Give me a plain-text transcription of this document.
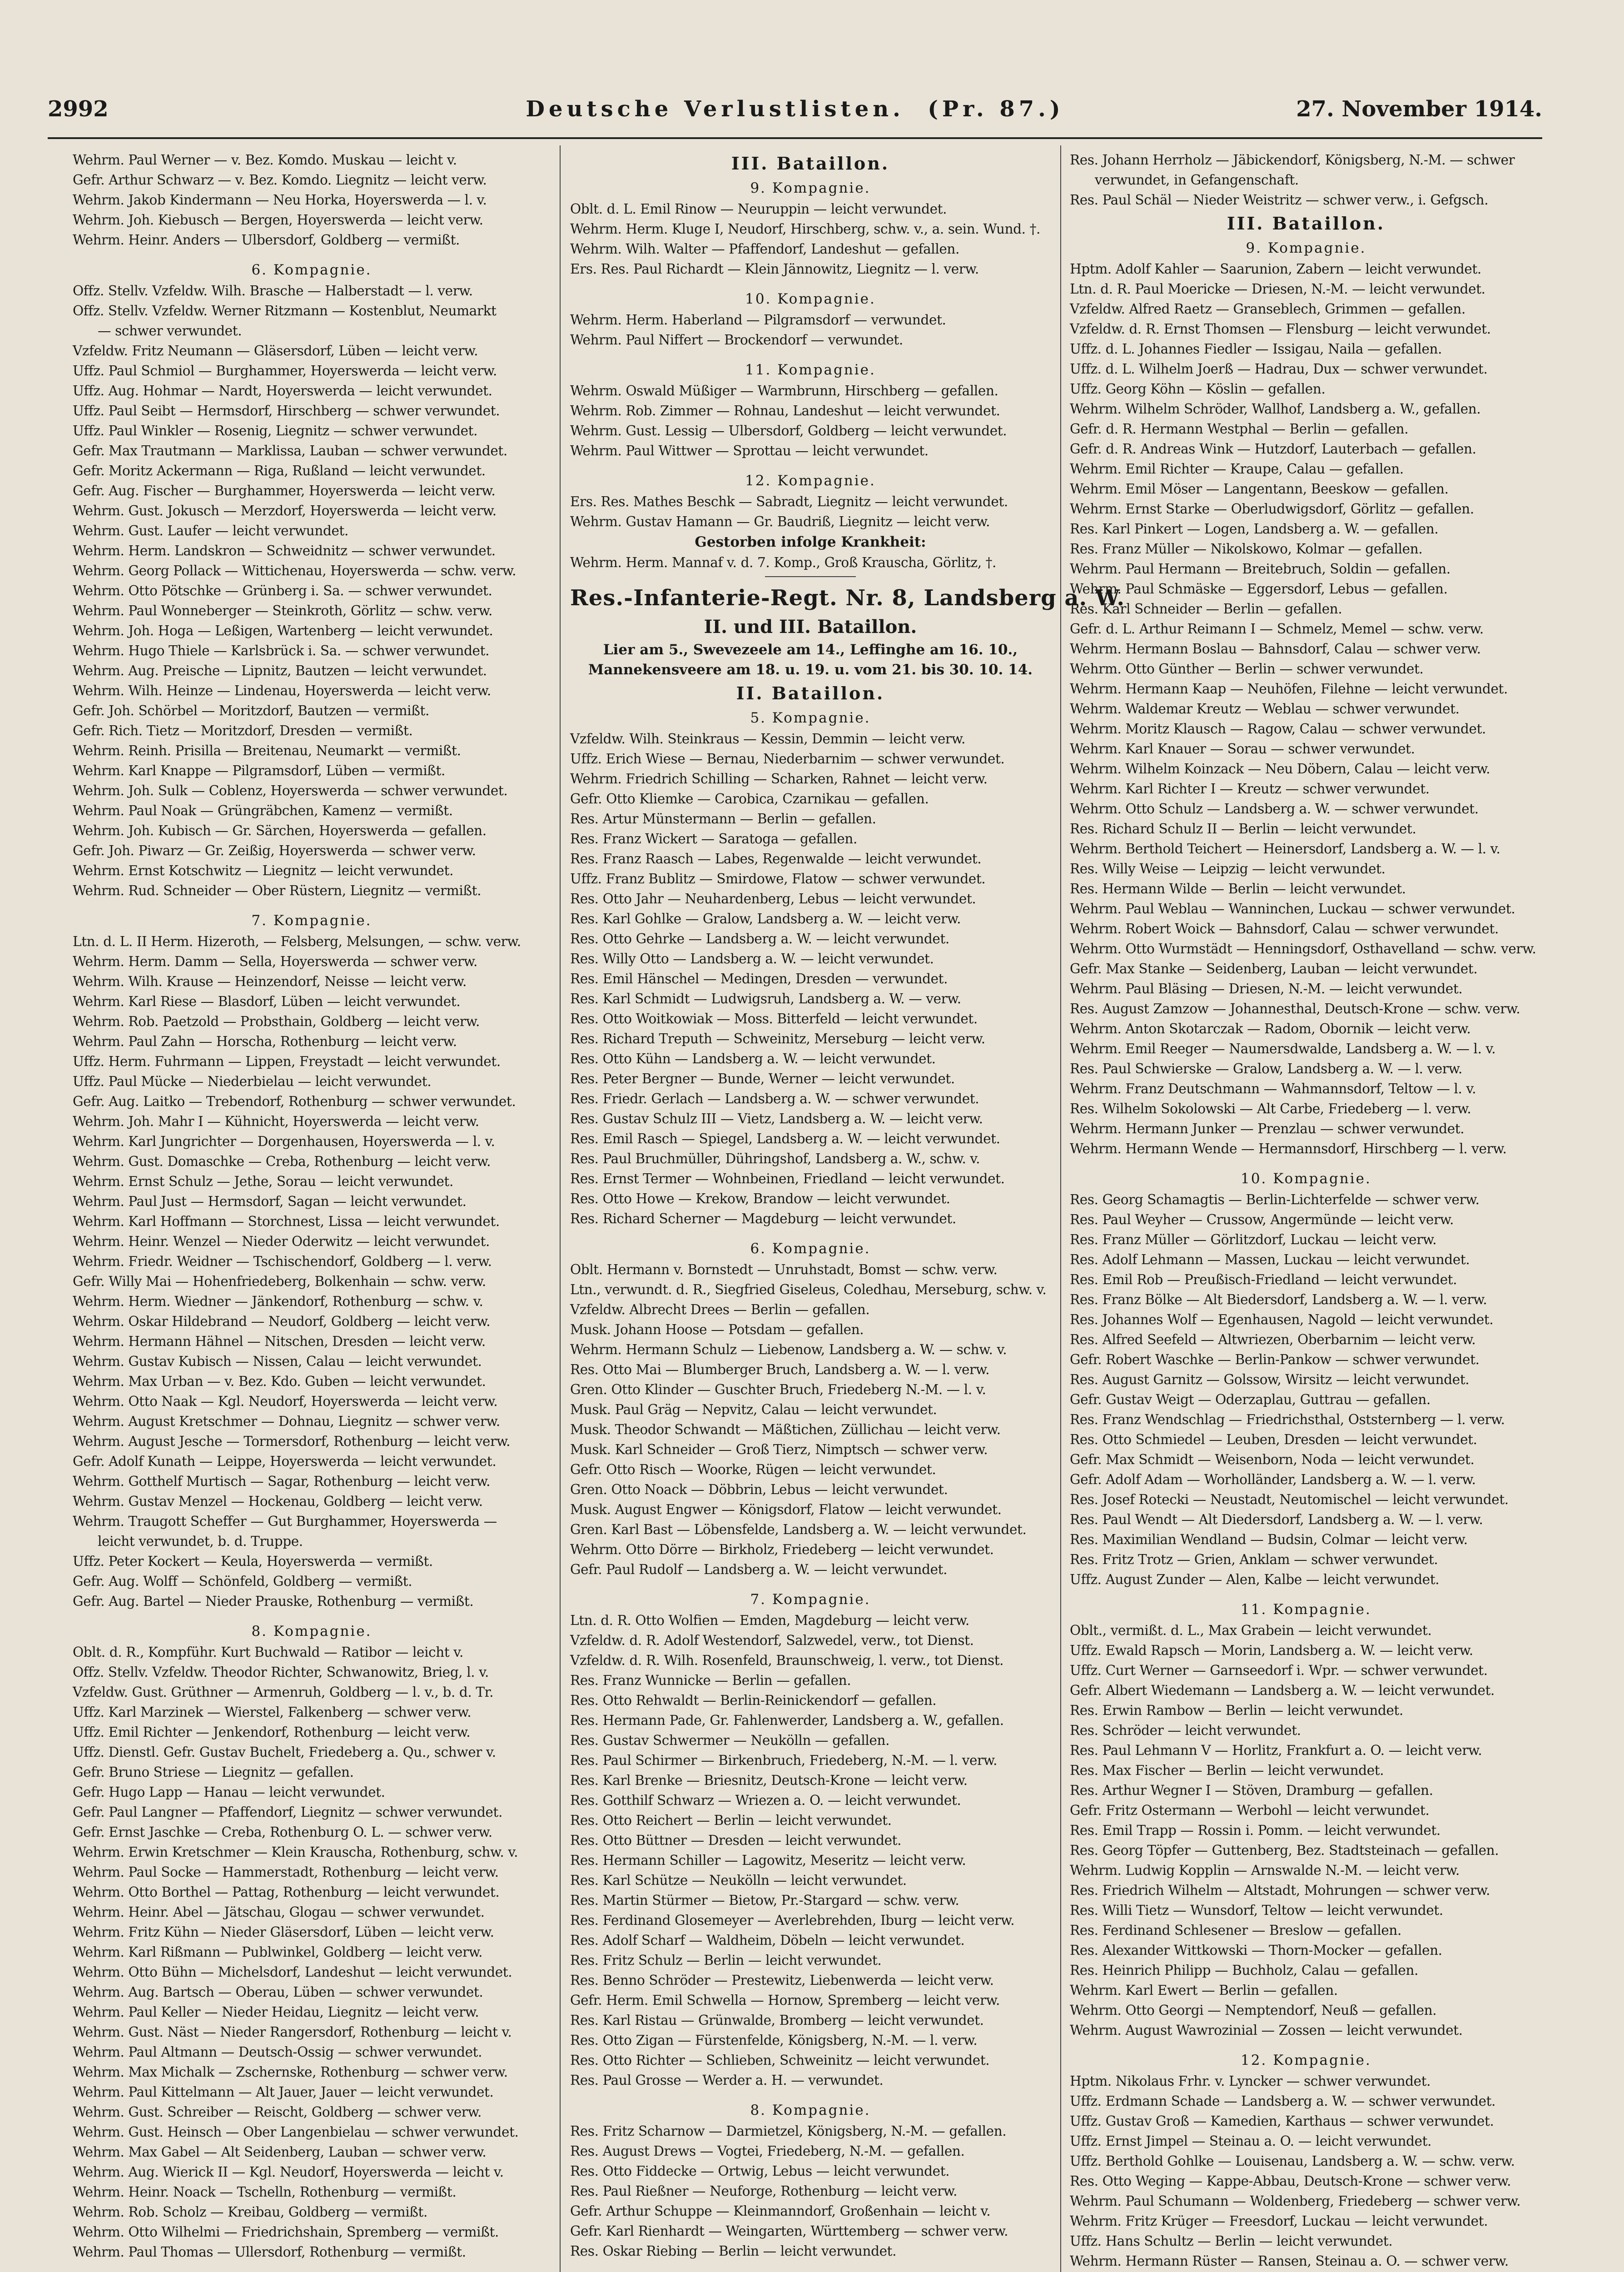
2992	Deutsche Verlustlisten. (Pr. 87.)	27. November 1914.
Wehrm. Paul Werner — v. Bez. Komdo. Muskau — leicht v.
Gefr. Arthur Schwarz — v. Bez. Komdo. Liegnitz — leicht verw.
Wehrm. Jakob Kindermann — Neu Horka, Hoyerswerda — l. v.
Wehrm. Joh. Kiebusch — Bergen, Hoyerswerda — leicht verw.
Wehrm. Heinr. Anders — Ulbersdorf, Goldberg — vermißt.
6. Kompagnie.
Offz. Stellv. Vzfeldw. Wilh. Brasche — Halberstadt — l. verw.
Offz. Stellv. Vzfeldw. Werner Ritzmann — Kostenblut, Neumarkt
— schwer verwundet.
Vzfeldw. Fritz Neumann — Gläsersdorf, Lüben — leicht verw.
Uffz. Paul Schmiol — Burghammer, Hoyerswerda — leicht verw.
Uffz. Aug. Hohmar — Nardt, Hoyerswerda — leicht verwundet.
Uffz. Paul Seibt — Hermsdorf, Hirschberg — schwer verwundet.
Uffz. Paul Winkler — Rosenig, Liegnitz — schwer verwundet.
Gefr. Max Trautmann — Marklissa, Lauban — schwer verwundet.
Gefr. Moritz Ackermann — Riga, Rußland — leicht verwundet.
Gefr. Aug. Fischer — Burghammer, Hoyerswerda — leicht verw.
Wehrm. Gust. Jokusch — Merzdorf, Hoyerswerda — leicht verw.
Wehrm. Gust. Laufer — leicht verwundet.
Wehrm. Herm. Landskron — Schweidnitz — schwer verwundet.
Wehrm. Georg Pollack — Wittichenau, Hoyerswerda — schw. verw.
Wehrm. Otto Pötschke — Grünberg i. Sa. — schwer verwundet.
Wehrm. Paul Wonneberger — Steinkroth, Görlitz — schw. verw.
Wehrm. Joh. Hoga — Leßigen, Wartenberg — leicht verwundet.
Wehrm. Hugo Thiele — Karlsbrück i. Sa. — schwer verwundet.
Wehrm. Aug. Preische — Lipnitz, Bautzen — leicht verwundet.
Wehrm. Wilh. Heinze — Lindenau, Hoyerswerda — leicht verw.
Gefr. Joh. Schörbel — Moritzdorf, Bautzen — vermißt.
Gefr. Rich. Tietz — Moritzdorf, Dresden — vermißt.
Wehrm. Reinh. Prisilla — Breitenau, Neumarkt — vermißt.
Wehrm. Karl Knappe — Pilgramsdorf, Lüben — vermißt.
Wehrm. Joh. Sulk — Coblenz, Hoyerswerda — schwer verwundet.
Wehrm. Paul Noak — Grüngräbchen, Kamenz — vermißt.
Wehrm. Joh. Kubisch — Gr. Särchen, Hoyerswerda — gefallen.
Gefr. Joh. Piwarz — Gr. Zeißig, Hoyerswerda — schwer verw.
Wehrm. Ernst Kotschwitz — Liegnitz — leicht verwundet.
Wehrm. Rud. Schneider — Ober Rüstern, Liegnitz — vermißt.
7. Kompagnie.
Ltn. d. L. II Herm. Hizeroth, — Felsberg, Melsungen, — schw. verw.
Wehrm. Herm. Damm — Sella, Hoyerswerda — schwer verw.
Wehrm. Wilh. Krause — Heinzendorf, Neisse — leicht verw.
Wehrm. Karl Riese — Blasdorf, Lüben — leicht verwundet.
Wehrm. Rob. Paetzold — Probsthain, Goldberg — leicht verw.
Wehrm. Paul Zahn — Horscha, Rothenburg — leicht verw.
Uffz. Herm. Fuhrmann — Lippen, Freystadt — leicht verwundet.
Uffz. Paul Mücke — Niederbielau — leicht verwundet.
Gefr. Aug. Laitko — Trebendorf, Rothenburg — schwer verwundet.
Wehrm. Joh. Mahr I — Kühnicht, Hoyerswerda — leicht verw.
Wehrm. Karl Jungrichter — Dorgenhausen, Hoyerswerda — l. v.
Wehrm. Gust. Domaschke — Creba, Rothenburg — leicht verw.
Wehrm. Ernst Schulz — Jethe, Sorau — leicht verwundet.
Wehrm. Paul Just — Hermsdorf, Sagan — leicht verwundet.
Wehrm. Karl Hoffmann — Storchnest, Lissa — leicht verwundet.
Wehrm. Heinr. Wenzel — Nieder Oderwitz — leicht verwundet.
Wehrm. Friedr. Weidner — Tschischendorf, Goldberg — l. verw.
Gefr. Willy Mai — Hohenfriedeberg, Bolkenhain — schw. verw.
Wehrm. Herm. Wiedner — Jänkendorf, Rothenburg — schw. v.
Wehrm. Oskar Hildebrand — Neudorf, Goldberg — leicht verw.
Wehrm. Hermann Hähnel — Nitschen, Dresden — leicht verw.
Wehrm. Gustav Kubisch — Nissen, Calau — leicht verwundet.
Wehrm. Max Urban — v. Bez. Kdo. Guben — leicht verwundet.
Wehrm. Otto Naak — Kgl. Neudorf, Hoyerswerda — leicht verw.
Wehrm. August Kretschmer — Dohnau, Liegnitz — schwer verw.
Wehrm. August Jesche — Tormersdorf, Rothenburg — leicht verw.
Gefr. Adolf Kunath — Leippe, Hoyerswerda — leicht verwundet.
Wehrm. Gotthelf Murtisch — Sagar, Rothenburg — leicht verw.
Wehrm. Gustav Menzel — Hockenau, Goldberg — leicht verw.
Wehrm. Traugott Scheffer — Gut Burghammer, Hoyerswerda —
leicht verwundet, b. d. Truppe.
Uffz. Peter Kockert — Keula, Hoyerswerda — vermißt.
Gefr. Aug. Wolff — Schönfeld, Goldberg — vermißt.
Gefr. Aug. Bartel — Nieder Prauske, Rothenburg — vermißt.
8. Kompagnie.
Oblt. d. R., Kompführ. Kurt Buchwald — Ratibor — leicht v.
Offz. Stellv. Vzfeldw. Theodor Richter, Schwanowitz, Brieg, l. v.
Vzfeldw. Gust. Grüthner — Armenruh, Goldberg — l. v., b. d. Tr.
Uffz. Karl Marzinek — Wierstel, Falkenberg — schwer verw.
Uffz. Emil Richter — Jenkendorf, Rothenburg — leicht verw.
Uffz. Dienstl. Gefr. Gustav Buchelt, Friedeberg a. Qu., schwer v.
Gefr. Bruno Striese — Liegnitz — gefallen.
Gefr. Hugo Lapp — Hanau — leicht verwundet.
Gefr. Paul Langner — Pfaffendorf, Liegnitz — schwer verwundet.
Gefr. Ernst Jaschke — Creba, Rothenburg O. L. — schwer verw.
Wehrm. Erwin Kretschmer — Klein Krauscha, Rothenburg, schw. v.
Wehrm. Paul Socke — Hammerstadt, Rothenburg — leicht verw.
Wehrm. Otto Borthel — Pattag, Rothenburg — leicht verwundet.
Wehrm. Heinr. Abel — Jätschau, Glogau — schwer verwundet.
Wehrm. Fritz Kühn — Nieder Gläsersdorf, Lüben — leicht verw.
Wehrm. Karl Rißmann — Publwinkel, Goldberg — leicht verw.
Wehrm. Otto Bühn — Michelsdorf, Landeshut — leicht verwundet.
Wehrm. Aug. Bartsch — Oberau, Lüben — schwer verwundet.
Wehrm. Paul Keller — Nieder Heidau, Liegnitz — leicht verw.
Wehrm. Gust. Näst — Nieder Rangersdorf, Rothenburg — leicht v.
Wehrm. Paul Altmann — Deutsch-Ossig — schwer verwundet.
Wehrm. Max Michalk — Zschernske, Rothenburg — schwer verw.
Wehrm. Paul Kittelmann — Alt Jauer, Jauer — leicht verwundet.
Wehrm. Gust. Schreiber — Reischt, Goldberg — schwer verw.
Wehrm. Gust. Heinsch — Ober Langenbielau — schwer verwundet.
Wehrm. Max Gabel — Alt Seidenberg, Lauban — schwer verw.
Wehrm. Aug. Wierick II — Kgl. Neudorf, Hoyerswerda — leicht v.
Wehrm. Heinr. Noack — Tschelln, Rothenburg — vermißt.
Wehrm. Rob. Scholz — Kreibau, Goldberg — vermißt.
Wehrm. Otto Wilhelmi — Friedrichshain, Spremberg — vermißt.
Wehrm. Paul Thomas — Ullersdorf, Rothenburg — vermißt.
III. Bataillon.
9. Kompagnie.
Oblt. d. L. Emil Rinow — Neuruppin — leicht verwundet.
Wehrm. Herm. Kluge I, Neudorf, Hirschberg, schw. v., a. sein. Wund. †.
Wehrm. Wilh. Walter — Pfaffendorf, Landeshut — gefallen.
Ers. Res. Paul Richardt — Klein Jännowitz, Liegnitz — l. verw.
10. Kompagnie.
Wehrm. Herm. Haberland — Pilgramsdorf — verwundet.
Wehrm. Paul Niffert — Brockendorf — verwundet.
11. Kompagnie.
Wehrm. Oswald Müßiger — Warmbrunn, Hirschberg — gefallen.
Wehrm. Rob. Zimmer — Rohnau, Landeshut — leicht verwundet.
Wehrm. Gust. Lessig — Ulbersdorf, Goldberg — leicht verwundet.
Wehrm. Paul Wittwer — Sprottau — leicht verwundet.
12. Kompagnie.
Ers. Res. Mathes Beschk — Sabradt, Liegnitz — leicht verwundet.
Wehrm. Gustav Hamann — Gr. Baudriß, Liegnitz — leicht verw.
Gestorben infolge Krankheit:
Wehrm. Herm. Mannaf v. d. 7. Komp., Groß Krauscha, Görlitz, †.
Res.-Infanterie-Regt. Nr. 8, Landsberg a. W.
II. und III. Bataillon.
Lier am 5., Swevezeele am 14., Leffinghe am 16. 10.,
Mannekensveere am 18. u. 19. u. vom 21. bis 30. 10. 14.
II. Bataillon.
5. Kompagnie.
Vzfeldw. Wilh. Steinkraus — Kessin, Demmin — leicht verw.
Uffz. Erich Wiese — Bernau, Niederbarnim — schwer verwundet.
Wehrm. Friedrich Schilling — Scharken, Rahnet — leicht verw.
Gefr. Otto Kliemke — Carobica, Czarnikau — gefallen.
Res. Artur Münstermann — Berlin — gefallen.
Res. Franz Wickert — Saratoga — gefallen.
Res. Franz Raasch — Labes, Regenwalde — leicht verwundet.
Uffz. Franz Bublitz — Smirdowe, Flatow — schwer verwundet.
Res. Otto Jahr — Neuhardenberg, Lebus — leicht verwundet.
Res. Karl Gohlke — Gralow, Landsberg a. W. — leicht verw.
Res. Otto Gehrke — Landsberg a. W. — leicht verwundet.
Res. Willy Otto — Landsberg a. W. — leicht verwundet.
Res. Emil Hänschel — Medingen, Dresden — verwundet.
Res. Karl Schmidt — Ludwigsruh, Landsberg a. W. — verw.
Res. Otto Woitkowiak — Moss. Bitterfeld — leicht verwundet.
Res. Richard Treputh — Schweinitz, Merseburg — leicht verw.
Res. Otto Kühn — Landsberg a. W. — leicht verwundet.
Res. Peter Bergner — Bunde, Werner — leicht verwundet.
Res. Friedr. Gerlach — Landsberg a. W. — schwer verwundet.
Res. Gustav Schulz III — Vietz, Landsberg a. W. — leicht verw.
Res. Emil Rasch — Spiegel, Landsberg a. W. — leicht verwundet.
Res. Paul Bruchmüller, Dühringshof, Landsberg a. W., schw. v.
Res. Ernst Termer — Wohnbeinen, Friedland — leicht verwundet.
Res. Otto Howe — Krekow, Brandow — leicht verwundet.
Res. Richard Scherner — Magdeburg — leicht verwundet.
6. Kompagnie.
Oblt. Hermann v. Bornstedt — Unruhstadt, Bomst — schw. verw.
Ltn., verwundt. d. R., Siegfried Giseleus, Coledhau, Merseburg, schw. v.
Vzfeldw. Albrecht Drees — Berlin — gefallen.
Musk. Johann Hoose — Potsdam — gefallen.
Wehrm. Hermann Schulz — Liebenow, Landsberg a. W. — schw. v.
Res. Otto Mai — Blumberger Bruch, Landsberg a. W. — l. verw.
Gren. Otto Klinder — Guschter Bruch, Friedeberg N.-M. — l. v.
Musk. Paul Gräg — Nepvitz, Calau — leicht verwundet.
Musk. Theodor Schwandt — Mäßtichen, Züllichau — leicht verw.
Musk. Karl Schneider — Groß Tierz, Nimptsch — schwer verw.
Gefr. Otto Risch — Woorke, Rügen — leicht verwundet.
Gren. Otto Noack — Döbbrin, Lebus — leicht verwundet.
Musk. August Engwer — Königsdorf, Flatow — leicht verwundet.
Gren. Karl Bast — Löbensfelde, Landsberg a. W. — leicht verwundet.
Wehrm. Otto Dörre — Birkholz, Friedeberg — leicht verwundet.
Gefr. Paul Rudolf — Landsberg a. W. — leicht verwundet.
7. Kompagnie.
Ltn. d. R. Otto Wolfien — Emden, Magdeburg — leicht verw.
Vzfeldw. d. R. Adolf Westendorf, Salzwedel, verw., tot Dienst.
Vzfeldw. d. R. Wilh. Rosenfeld, Braunschweig, l. verw., tot Dienst.
Res. Franz Wunnicke — Berlin — gefallen.
Res. Otto Rehwaldt — Berlin-Reinickendorf — gefallen.
Res. Hermann Pade, Gr. Fahlenwerder, Landsberg a. W., gefallen.
Res. Gustav Schwermer — Neukölln — gefallen.
Res. Paul Schirmer — Birkenbruch, Friedeberg, N.-M. — l. verw.
Res. Karl Brenke — Briesnitz, Deutsch-Krone — leicht verw.
Res. Gotthilf Schwarz — Wriezen a. O. — leicht verwundet.
Res. Otto Reichert — Berlin — leicht verwundet.
Res. Otto Büttner — Dresden — leicht verwundet.
Res. Hermann Schiller — Lagowitz, Meseritz — leicht verw.
Res. Karl Schütze — Neukölln — leicht verwundet.
Res. Martin Stürmer — Bietow, Pr.-Stargard — schw. verw.
Res. Ferdinand Glosemeyer — Averlebrehden, Iburg — leicht verw.
Res. Adolf Scharf — Waldheim, Döbeln — leicht verwundet.
Res. Fritz Schulz — Berlin — leicht verwundet.
Res. Benno Schröder — Prestewitz, Liebenwerda — leicht verw.
Gefr. Herm. Emil Schwella — Hornow, Spremberg — leicht verw.
Res. Karl Ristau — Grünwalde, Bromberg — leicht verwundet.
Res. Otto Zigan — Fürstenfelde, Königsberg, N.-M. — l. verw.
Res. Otto Richter — Schlieben, Schweinitz — leicht verwundet.
Res. Paul Grosse — Werder a. H. — verwundet.
8. Kompagnie.
Res. Fritz Scharnow — Darmietzel, Königsberg, N.-M. — gefallen.
Res. August Drews — Vogtei, Friedeberg, N.-M. — gefallen.
Res. Otto Fiddecke — Ortwig, Lebus — leicht verwundet.
Res. Paul Rießner — Neuforge, Rothenburg — leicht verw.
Gefr. Arthur Schuppe — Kleinmanndorf, Großenhain — leicht v.
Gefr. Karl Rienhardt — Weingarten, Württemberg — schwer verw.
Res. Oskar Riebing — Berlin — leicht verwundet.
Res. Johann Herrholz — Jäbickendorf, Königsberg, N.-M. — schwer
verwundet, in Gefangenschaft.
Res. Paul Schäl — Nieder Weistritz — schwer verw., i. Gefgsch.
III. Bataillon.
9. Kompagnie.
Hptm. Adolf Kahler — Saarunion, Zabern — leicht verwundet.
Ltn. d. R. Paul Moericke — Driesen, N.-M. — leicht verwundet.
Vzfeldw. Alfred Raetz — Granseblech, Grimmen — gefallen.
Vzfeldw. d. R. Ernst Thomsen — Flensburg — leicht verwundet.
Uffz. d. L. Johannes Fiedler — Issigau, Naila — gefallen.
Uffz. d. L. Wilhelm Joerß — Hadrau, Dux — schwer verwundet.
Uffz. Georg Köhn — Köslin — gefallen.
Wehrm. Wilhelm Schröder, Wallhof, Landsberg a. W., gefallen.
Gefr. d. R. Hermann Westphal — Berlin — gefallen.
Gefr. d. R. Andreas Wink — Hutzdorf, Lauterbach — gefallen.
Wehrm. Emil Richter — Kraupe, Calau — gefallen.
Wehrm. Emil Möser — Langentann, Beeskow — gefallen.
Wehrm. Ernst Starke — Oberludwigsdorf, Görlitz — gefallen.
Res. Karl Pinkert — Logen, Landsberg a. W. — gefallen.
Res. Franz Müller — Nikolskowo, Kolmar — gefallen.
Wehrm. Paul Hermann — Breitebruch, Soldin — gefallen.
Wehrm. Paul Schmäske — Eggersdorf, Lebus — gefallen.
Res. Karl Schneider — Berlin — gefallen.
Gefr. d. L. Arthur Reimann I — Schmelz, Memel — schw. verw.
Wehrm. Hermann Boslau — Bahnsdorf, Calau — schwer verw.
Wehrm. Otto Günther — Berlin — schwer verwundet.
Wehrm. Hermann Kaap — Neuhöfen, Filehne — leicht verwundet.
Wehrm. Waldemar Kreutz — Weblau — schwer verwundet.
Wehrm. Moritz Klausch — Ragow, Calau — schwer verwundet.
Wehrm. Karl Knauer — Sorau — schwer verwundet.
Wehrm. Wilhelm Koinzack — Neu Döbern, Calau — leicht verw.
Wehrm. Karl Richter I — Kreutz — schwer verwundet.
Wehrm. Otto Schulz — Landsberg a. W. — schwer verwundet.
Res. Richard Schulz II — Berlin — leicht verwundet.
Wehrm. Berthold Teichert — Heinersdorf, Landsberg a. W. — l. v.
Res. Willy Weise — Leipzig — leicht verwundet.
Res. Hermann Wilde — Berlin — leicht verwundet.
Wehrm. Paul Weblau — Wanninchen, Luckau — schwer verwundet.
Wehrm. Robert Woick — Bahnsdorf, Calau — schwer verwundet.
Wehrm. Otto Wurmstädt — Henningsdorf, Osthavelland — schw. verw.
Gefr. Max Stanke — Seidenberg, Lauban — leicht verwundet.
Wehrm. Paul Bläsing — Driesen, N.-M. — leicht verwundet.
Res. August Zamzow — Johannesthal, Deutsch-Krone — schw. verw.
Wehrm. Anton Skotarczak — Radom, Obornik — leicht verw.
Wehrm. Emil Reeger — Naumersdwalde, Landsberg a. W. — l. v.
Res. Paul Schwierske — Gralow, Landsberg a. W. — l. verw.
Wehrm. Franz Deutschmann — Wahmannsdorf, Teltow — l. v.
Res. Wilhelm Sokolowski — Alt Carbe, Friedeberg — l. verw.
Wehrm. Hermann Junker — Prenzlau — schwer verwundet.
Wehrm. Hermann Wende — Hermannsdorf, Hirschberg — l. verw.
10. Kompagnie.
Res. Georg Schamagtis — Berlin-Lichterfelde — schwer verw.
Res. Paul Weyher — Crussow, Angermünde — leicht verw.
Res. Franz Müller — Görlitzdorf, Luckau — leicht verw.
Res. Adolf Lehmann — Massen, Luckau — leicht verwundet.
Res. Emil Rob — Preußisch-Friedland — leicht verwundet.
Res. Franz Bölke — Alt Biedersdorf, Landsberg a. W. — l. verw.
Res. Johannes Wolf — Egenhausen, Nagold — leicht verwundet.
Res. Alfred Seefeld — Altwriezen, Oberbarnim — leicht verw.
Gefr. Robert Waschke — Berlin-Pankow — schwer verwundet.
Res. August Garnitz — Golssow, Wirsitz — leicht verwundet.
Gefr. Gustav Weigt — Oderzaplau, Guttrau — gefallen.
Res. Franz Wendschlag — Friedrichsthal, Oststernberg — l. verw.
Res. Otto Schmiedel — Leuben, Dresden — leicht verwundet.
Gefr. Max Schmidt — Weisenborn, Noda — leicht verwundet.
Gefr. Adolf Adam — Worholländer, Landsberg a. W. — l. verw.
Res. Josef Rotecki — Neustadt, Neutomischel — leicht verwundet.
Res. Paul Wendt — Alt Diedersdorf, Landsberg a. W. — l. verw.
Res. Maximilian Wendland — Budsin, Colmar — leicht verw.
Res. Fritz Trotz — Grien, Anklam — schwer verwundet.
Uffz. August Zunder — Alen, Kalbe — leicht verwundet.
11. Kompagnie.
Oblt., vermißt. d. L., Max Grabein — leicht verwundet.
Uffz. Ewald Rapsch — Morin, Landsberg a. W. — leicht verw.
Uffz. Curt Werner — Garnseedorf i. Wpr. — schwer verwundet.
Gefr. Albert Wiedemann — Landsberg a. W. — leicht verwundet.
Res. Erwin Rambow — Berlin — leicht verwundet.
Res. Schröder — leicht verwundet.
Res. Paul Lehmann V — Horlitz, Frankfurt a. O. — leicht verw.
Res. Max Fischer — Berlin — leicht verwundet.
Res. Arthur Wegner I — Stöven, Dramburg — gefallen.
Gefr. Fritz Ostermann — Werbohl — leicht verwundet.
Res. Emil Trapp — Rossin i. Pomm. — leicht verwundet.
Res. Georg Töpfer — Guttenberg, Bez. Stadtsteinach — gefallen.
Wehrm. Ludwig Kopplin — Arnswalde N.-M. — leicht verw.
Res. Friedrich Wilhelm — Altstadt, Mohrungen — schwer verw.
Res. Willi Tietz — Wunsdorf, Teltow — leicht verwundet.
Res. Ferdinand Schlesener — Breslow — gefallen.
Res. Alexander Wittkowski — Thorn-Mocker — gefallen.
Res. Heinrich Philipp — Buchholz, Calau — gefallen.
Wehrm. Karl Ewert — Berlin — gefallen.
Wehrm. Otto Georgi — Nemptendorf, Neuß — gefallen.
Wehrm. August Wawrozinial — Zossen — leicht verwundet.
12. Kompagnie.
Hptm. Nikolaus Frhr. v. Lyncker — schwer verwundet.
Uffz. Erdmann Schade — Landsberg a. W. — schwer verwundet.
Uffz. Gustav Groß — Kamedien, Karthaus — schwer verwundet.
Uffz. Ernst Jimpel — Steinau a. O. — leicht verwundet.
Uffz. Berthold Gohlke — Louisenau, Landsberg a. W. — schw. verw.
Res. Otto Weging — Kappe-Abbau, Deutsch-Krone — schwer verw.
Wehrm. Paul Schumann — Woldenberg, Friedeberg — schwer verw.
Wehrm. Fritz Krüger — Freesdorf, Luckau — leicht verwundet.
Uffz. Hans Schultz — Berlin — leicht verwundet.
Wehrm. Hermann Rüster — Ransen, Steinau a. O. — schwer verw.
